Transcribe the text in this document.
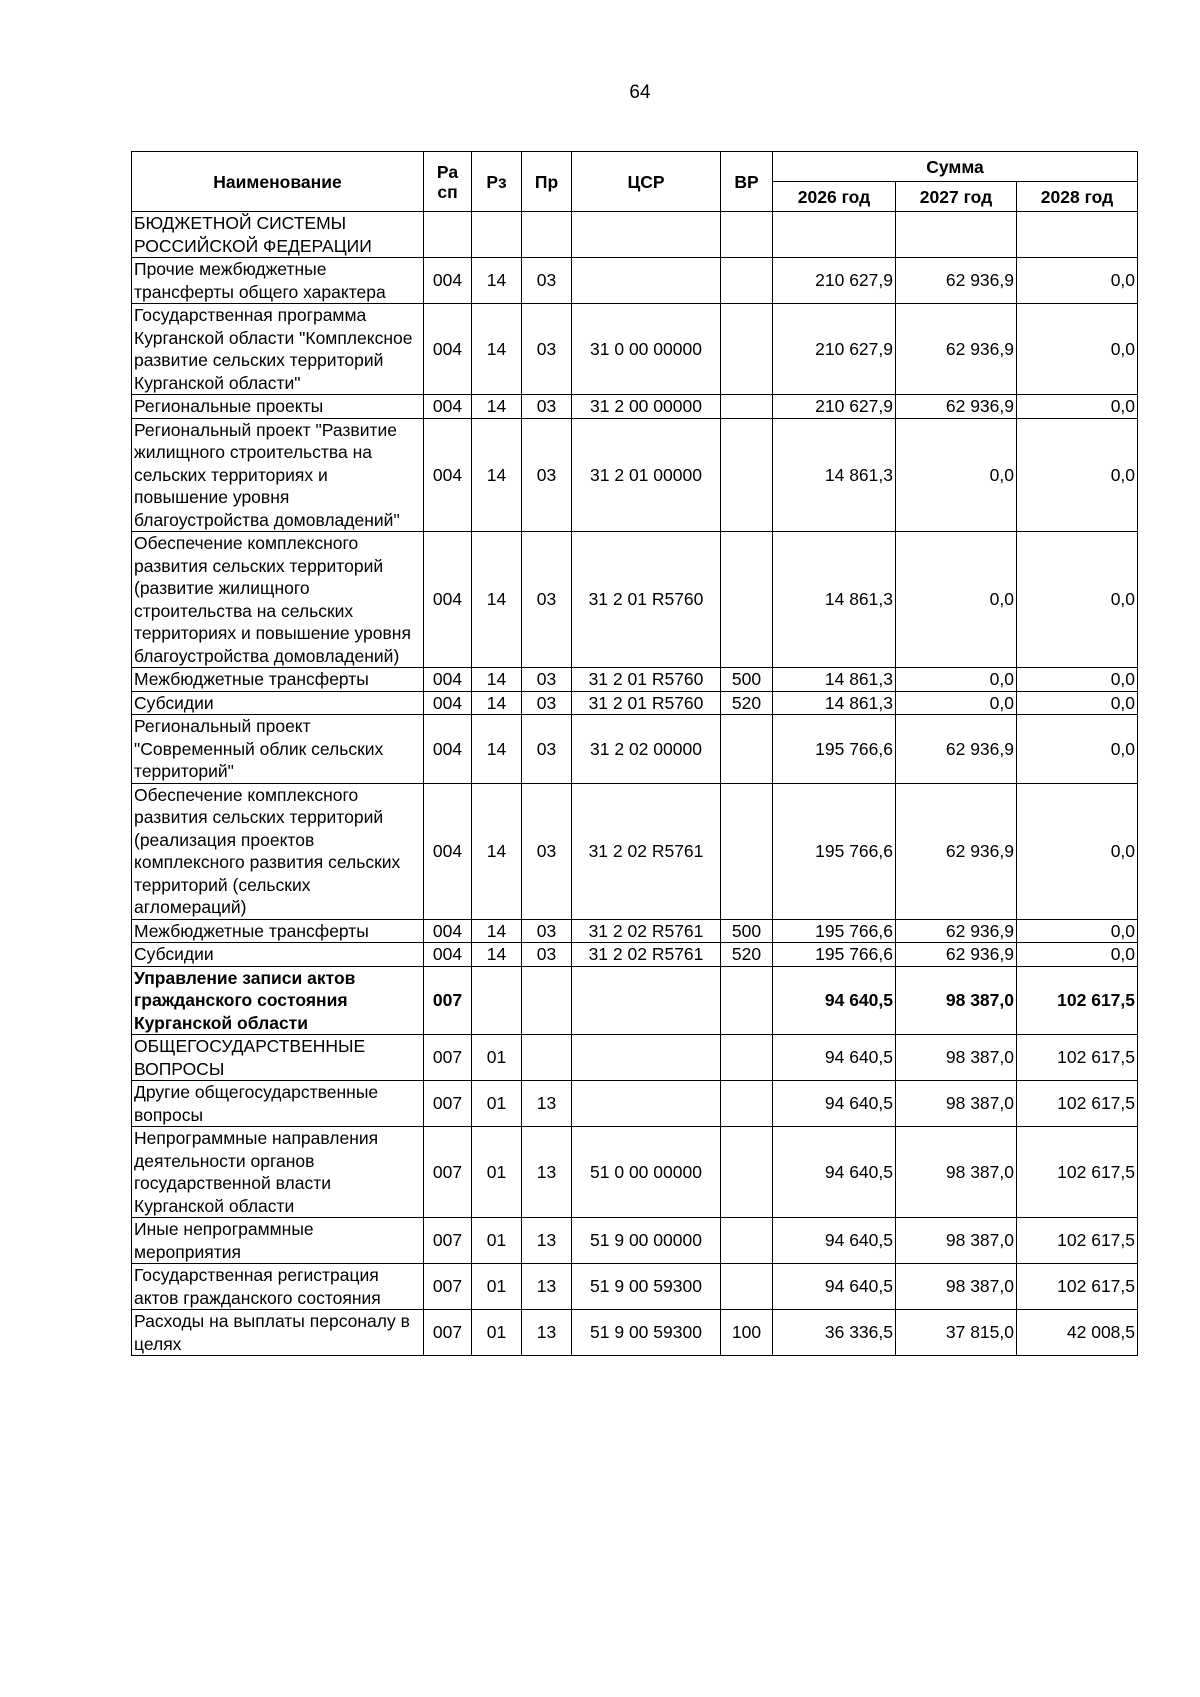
64
Наименование	Ра сп	Рз	Пр	ЦСР	ВР	Сумма		
						2026 год	2027 год	2028 год
БЮДЖЕТНОЙ СИСТЕМЫ РОССИЙСКОЙ ФЕДЕРАЦИИ								
Прочие межбюджетные трансферты общего характера	004	14	03			210 627,9	62 936,9	0,0
Государственная программа Курганской области "Комплексное развитие сельских территорий Курганской области"	004	14	03	31 0 00 00000		210 627,9	62 936,9	0,0
Региональные проекты	004	14	03	31 2 00 00000		210 627,9	62 936,9	0,0
Региональный проект "Развитие жилищного строительства на сельских территориях и повышение уровня благоустройства домовладений"	004	14	03	31 2 01 00000		14 861,3	0,0	0,0
Обеспечение комплексного развития сельских территорий (развитие жилищного строительства на сельских территориях и повышение уровня благоустройства домовладений)	004	14	03	31 2 01 R5760		14 861,3	0,0	0,0
Межбюджетные трансферты	004	14	03	31 2 01 R5760	500	14 861,3	0,0	0,0
Субсидии	004	14	03	31 2 01 R5760	520	14 861,3	0,0	0,0
Региональный проект "Современный облик сельских территорий"	004	14	03	31 2 02 00000		195 766,6	62 936,9	0,0
Обеспечение комплексного развития сельских территорий (реализация проектов комплексного развития сельских территорий (сельских агломераций)	004	14	03	31 2 02 R5761		195 766,6	62 936,9	0,0
Межбюджетные трансферты	004	14	03	31 2 02 R5761	500	195 766,6	62 936,9	0,0
Субсидии	004	14	03	31 2 02 R5761	520	195 766,6	62 936,9	0,0
Управление записи актов гражданского состояния Курганской области	007					94 640,5	98 387,0	102 617,5
ОБЩЕГОСУДАРСТВЕННЫЕ ВОПРОСЫ	007	01				94 640,5	98 387,0	102 617,5
Другие общегосударственные вопросы	007	01	13			94 640,5	98 387,0	102 617,5
Непрограммные направления деятельности органов государственной власти Курганской области	007	01	13	51 0 00 00000		94 640,5	98 387,0	102 617,5
Иные непрограммные мероприятия	007	01	13	51 9 00 00000		94 640,5	98 387,0	102 617,5
Государственная регистрация актов гражданского состояния	007	01	13	51 9 00 59300		94 640,5	98 387,0	102 617,5
Расходы на выплаты персоналу в целях	007	01	13	51 9 00 59300	100	36 336,5	37 815,0	42 008,5
